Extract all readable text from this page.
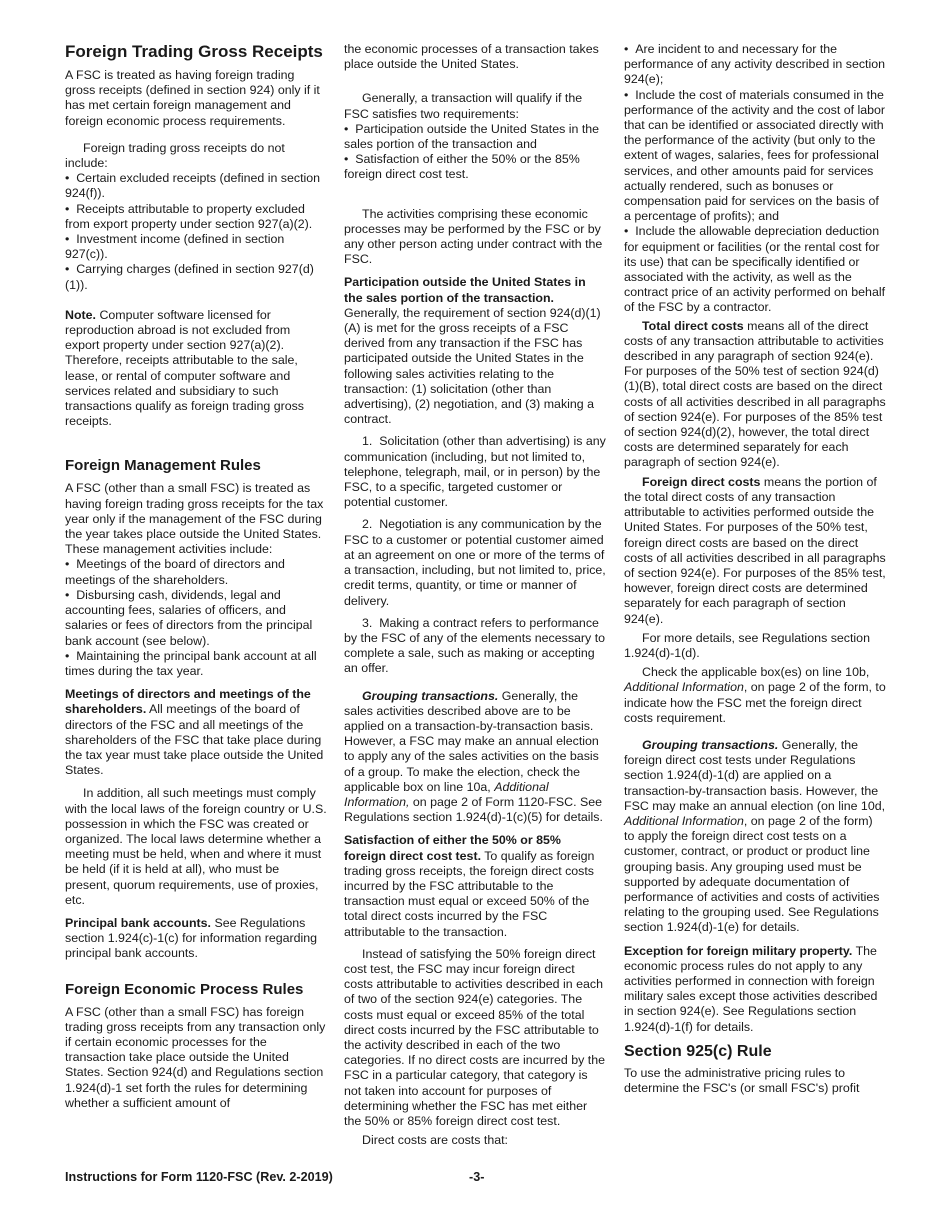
Foreign Trading Gross Receipts

A FSC is treated as having foreign trading gross receipts (defined in section 924) only if it has met certain foreign management and foreign economic process requirements.

Foreign trading gross receipts do not include:

•  Certain excluded receipts (defined in section 924(f)).

•  Receipts attributable to property excluded from export property under section 927(a)(2).

•  Investment income (defined in section 927(c)).

•  Carrying charges (defined in section 927(d)(1)).

Note. Computer software licensed for reproduction abroad is not excluded from export property under section 927(a)(2). Therefore, receipts attributable to the sale, lease, or rental of computer software and services related and subsidiary to such transactions qualify as foreign trading gross receipts.

Foreign Management Rules

A FSC (other than a small FSC) is treated as having foreign trading gross receipts for the tax year only if the management of the FSC during the year takes place outside the United States. These management activities include:

•  Meetings of the board of directors and meetings of the shareholders.

•  Disbursing cash, dividends, legal and accounting fees, salaries of officers, and salaries or fees of directors from the principal bank account (see below).

•  Maintaining the principal bank account at all times during the tax year.

Meetings of directors and meetings of the shareholders. All meetings of the board of directors of the FSC and all meetings of the shareholders of the FSC that take place during the tax year must take place outside the United States.

In addition, all such meetings must comply with the local laws of the foreign country or U.S. possession in which the FSC was created or organized. The local laws determine whether a meeting must be held, when and where it must be held (if it is held at all), who must be present, quorum requirements, use of proxies, etc.

Principal bank accounts. See Regulations section 1.924(c)-1(c) for information regarding principal bank accounts.

Foreign Economic Process Rules

A FSC (other than a small FSC) has foreign trading gross receipts from any transaction only if certain economic processes for the transaction take place outside the United States. Section 924(d) and Regulations section 1.924(d)-1 set forth the rules for determining whether a sufficient amount of

the economic processes of a transaction takes place outside the United States.

Generally, a transaction will qualify if the FSC satisfies two requirements:

•  Participation outside the United States in the sales portion of the transaction and

•  Satisfaction of either the 50% or the 85% foreign direct cost test.

The activities comprising these economic processes may be performed by the FSC or by any other person acting under contract with the FSC.

Participation outside the United States in the sales portion of the transaction. Generally, the requirement of section 924(d)(1)(A) is met for the gross receipts of a FSC derived from any transaction if the FSC has participated outside the United States in the following sales activities relating to the transaction: (1) solicitation (other than advertising), (2) negotiation, and (3) making a contract.

1.  Solicitation (other than advertising) is any communication (including, but not limited to, telephone, telegraph, mail, or in person) by the FSC, to a specific, targeted customer or potential customer.

2.  Negotiation is any communication by the FSC to a customer or potential customer aimed at an agreement on one or more of the terms of a transaction, including, but not limited to, price, credit terms, quantity, or time or manner of delivery.

3.  Making a contract refers to performance by the FSC of any of the elements necessary to complete a sale, such as making or accepting an offer.

Grouping transactions. Generally, the sales activities described above are to be applied on a transaction-by-transaction basis. However, a FSC may make an annual election to apply any of the sales activities on the basis of a group. To make the election, check the applicable box on line 10a, Additional Information, on page 2 of Form 1120-FSC. See Regulations section 1.924(d)-1(c)(5) for details.

Satisfaction of either the 50% or 85% foreign direct cost test. To qualify as foreign trading gross receipts, the foreign direct costs incurred by the FSC attributable to the transaction must equal or exceed 50% of the total direct costs incurred by the FSC attributable to the transaction.

Instead of satisfying the 50% foreign direct cost test, the FSC may incur foreign direct costs attributable to activities described in each of two of the section 924(e) categories. The costs must equal or exceed 85% of the total direct costs incurred by the FSC attributable to the activity described in each of the two categories. If no direct costs are incurred by the FSC in a particular category, that category is not taken into account for purposes of determining whether the FSC has met either the 50% or 85% foreign direct cost test.

Direct costs are costs that:

•  Are incident to and necessary for the performance of any activity described in section 924(e);

•  Include the cost of materials consumed in the performance of the activity and the cost of labor that can be identified or associated directly with the performance of the activity (but only to the extent of wages, salaries, fees for professional services, and other amounts paid for services actually rendered, such as bonuses or compensation paid for services on the basis of a percentage of profits); and

•  Include the allowable depreciation deduction for equipment or facilities (or the rental cost for its use) that can be specifically identified or associated with the activity, as well as the contract price of an activity performed on behalf of the FSC by a contractor.

Total direct costs means all of the direct costs of any transaction attributable to activities described in any paragraph of section 924(e). For purposes of the 50% test of section 924(d)(1)(B), total direct costs are based on the direct costs of all activities described in all paragraphs of section 924(e). For purposes of the 85% test of section 924(d)(2), however, the total direct costs are determined separately for each paragraph of section 924(e).

Foreign direct costs means the portion of the total direct costs of any transaction attributable to activities performed outside the United States. For purposes of the 50% test, foreign direct costs are based on the direct costs of all activities described in all paragraphs of section 924(e). For purposes of the 85% test, however, foreign direct costs are determined separately for each paragraph of section 924(e).

For more details, see Regulations section 1.924(d)-1(d).

Check the applicable box(es) on line 10b, Additional Information, on page 2 of the form, to indicate how the FSC met the foreign direct costs requirement.

Grouping transactions. Generally, the foreign direct cost tests under Regulations section 1.924(d)-1(d) are applied on a transaction-by-transaction basis. However, the FSC may make an annual election (on line 10d, Additional Information, on page 2 of the form) to apply the foreign direct cost tests on a customer, contract, or product or product line grouping basis. Any grouping used must be supported by adequate documentation of performance of activities and costs of activities relating to the grouping used. See Regulations section 1.924(d)-1(e) for details.

Exception for foreign military property. The economic process rules do not apply to any activities performed in connection with foreign military sales except those activities described in section 924(e). See Regulations section 1.924(d)-1(f) for details.

Section 925(c) Rule

To use the administrative pricing rules to determine the FSC's (or small FSC's) profit

Instructions for Form 1120-FSC (Rev. 2-2019)	-3-
